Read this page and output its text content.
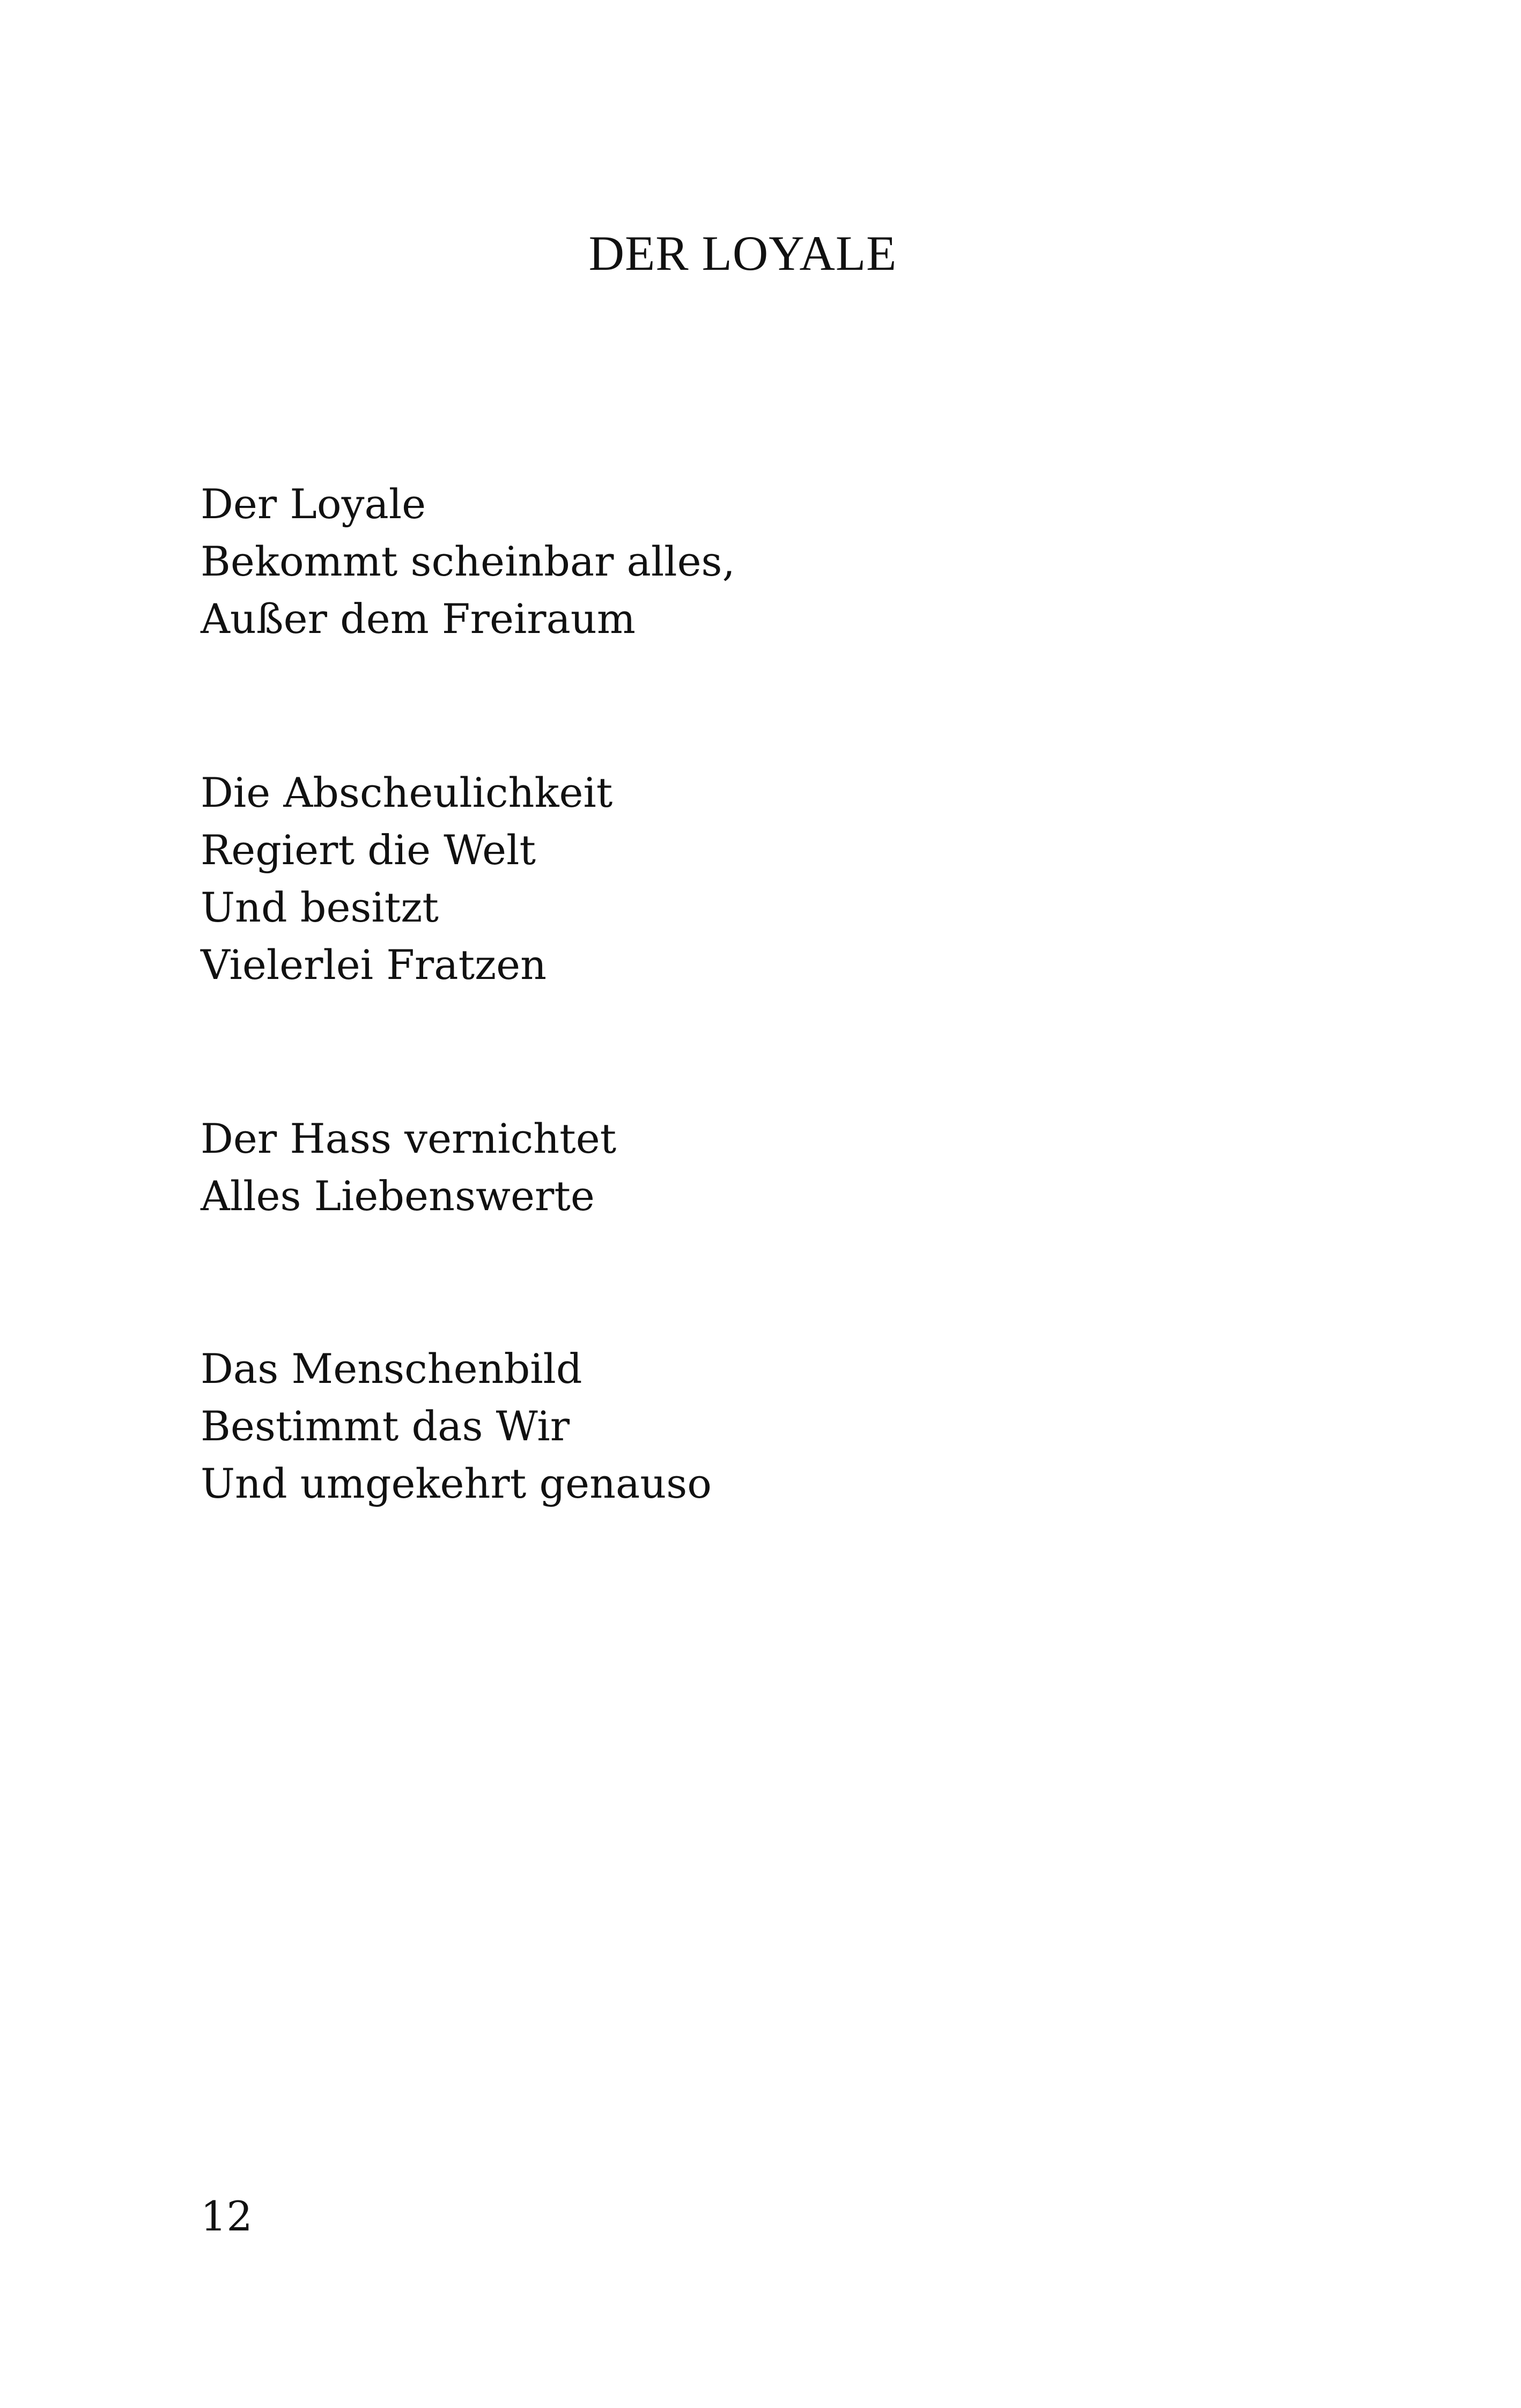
DER LOYALE
Der Loyale
Bekommt scheinbar alles,
Außer dem Freiraum
Die Abscheulichkeit
Regiert die Welt
Und besitzt
Vielerlei Fratzen
Der Hass vernichtet
Alles Liebenswerte
Das Menschenbild
Bestimmt das Wir
Und umgekehrt genauso
12
